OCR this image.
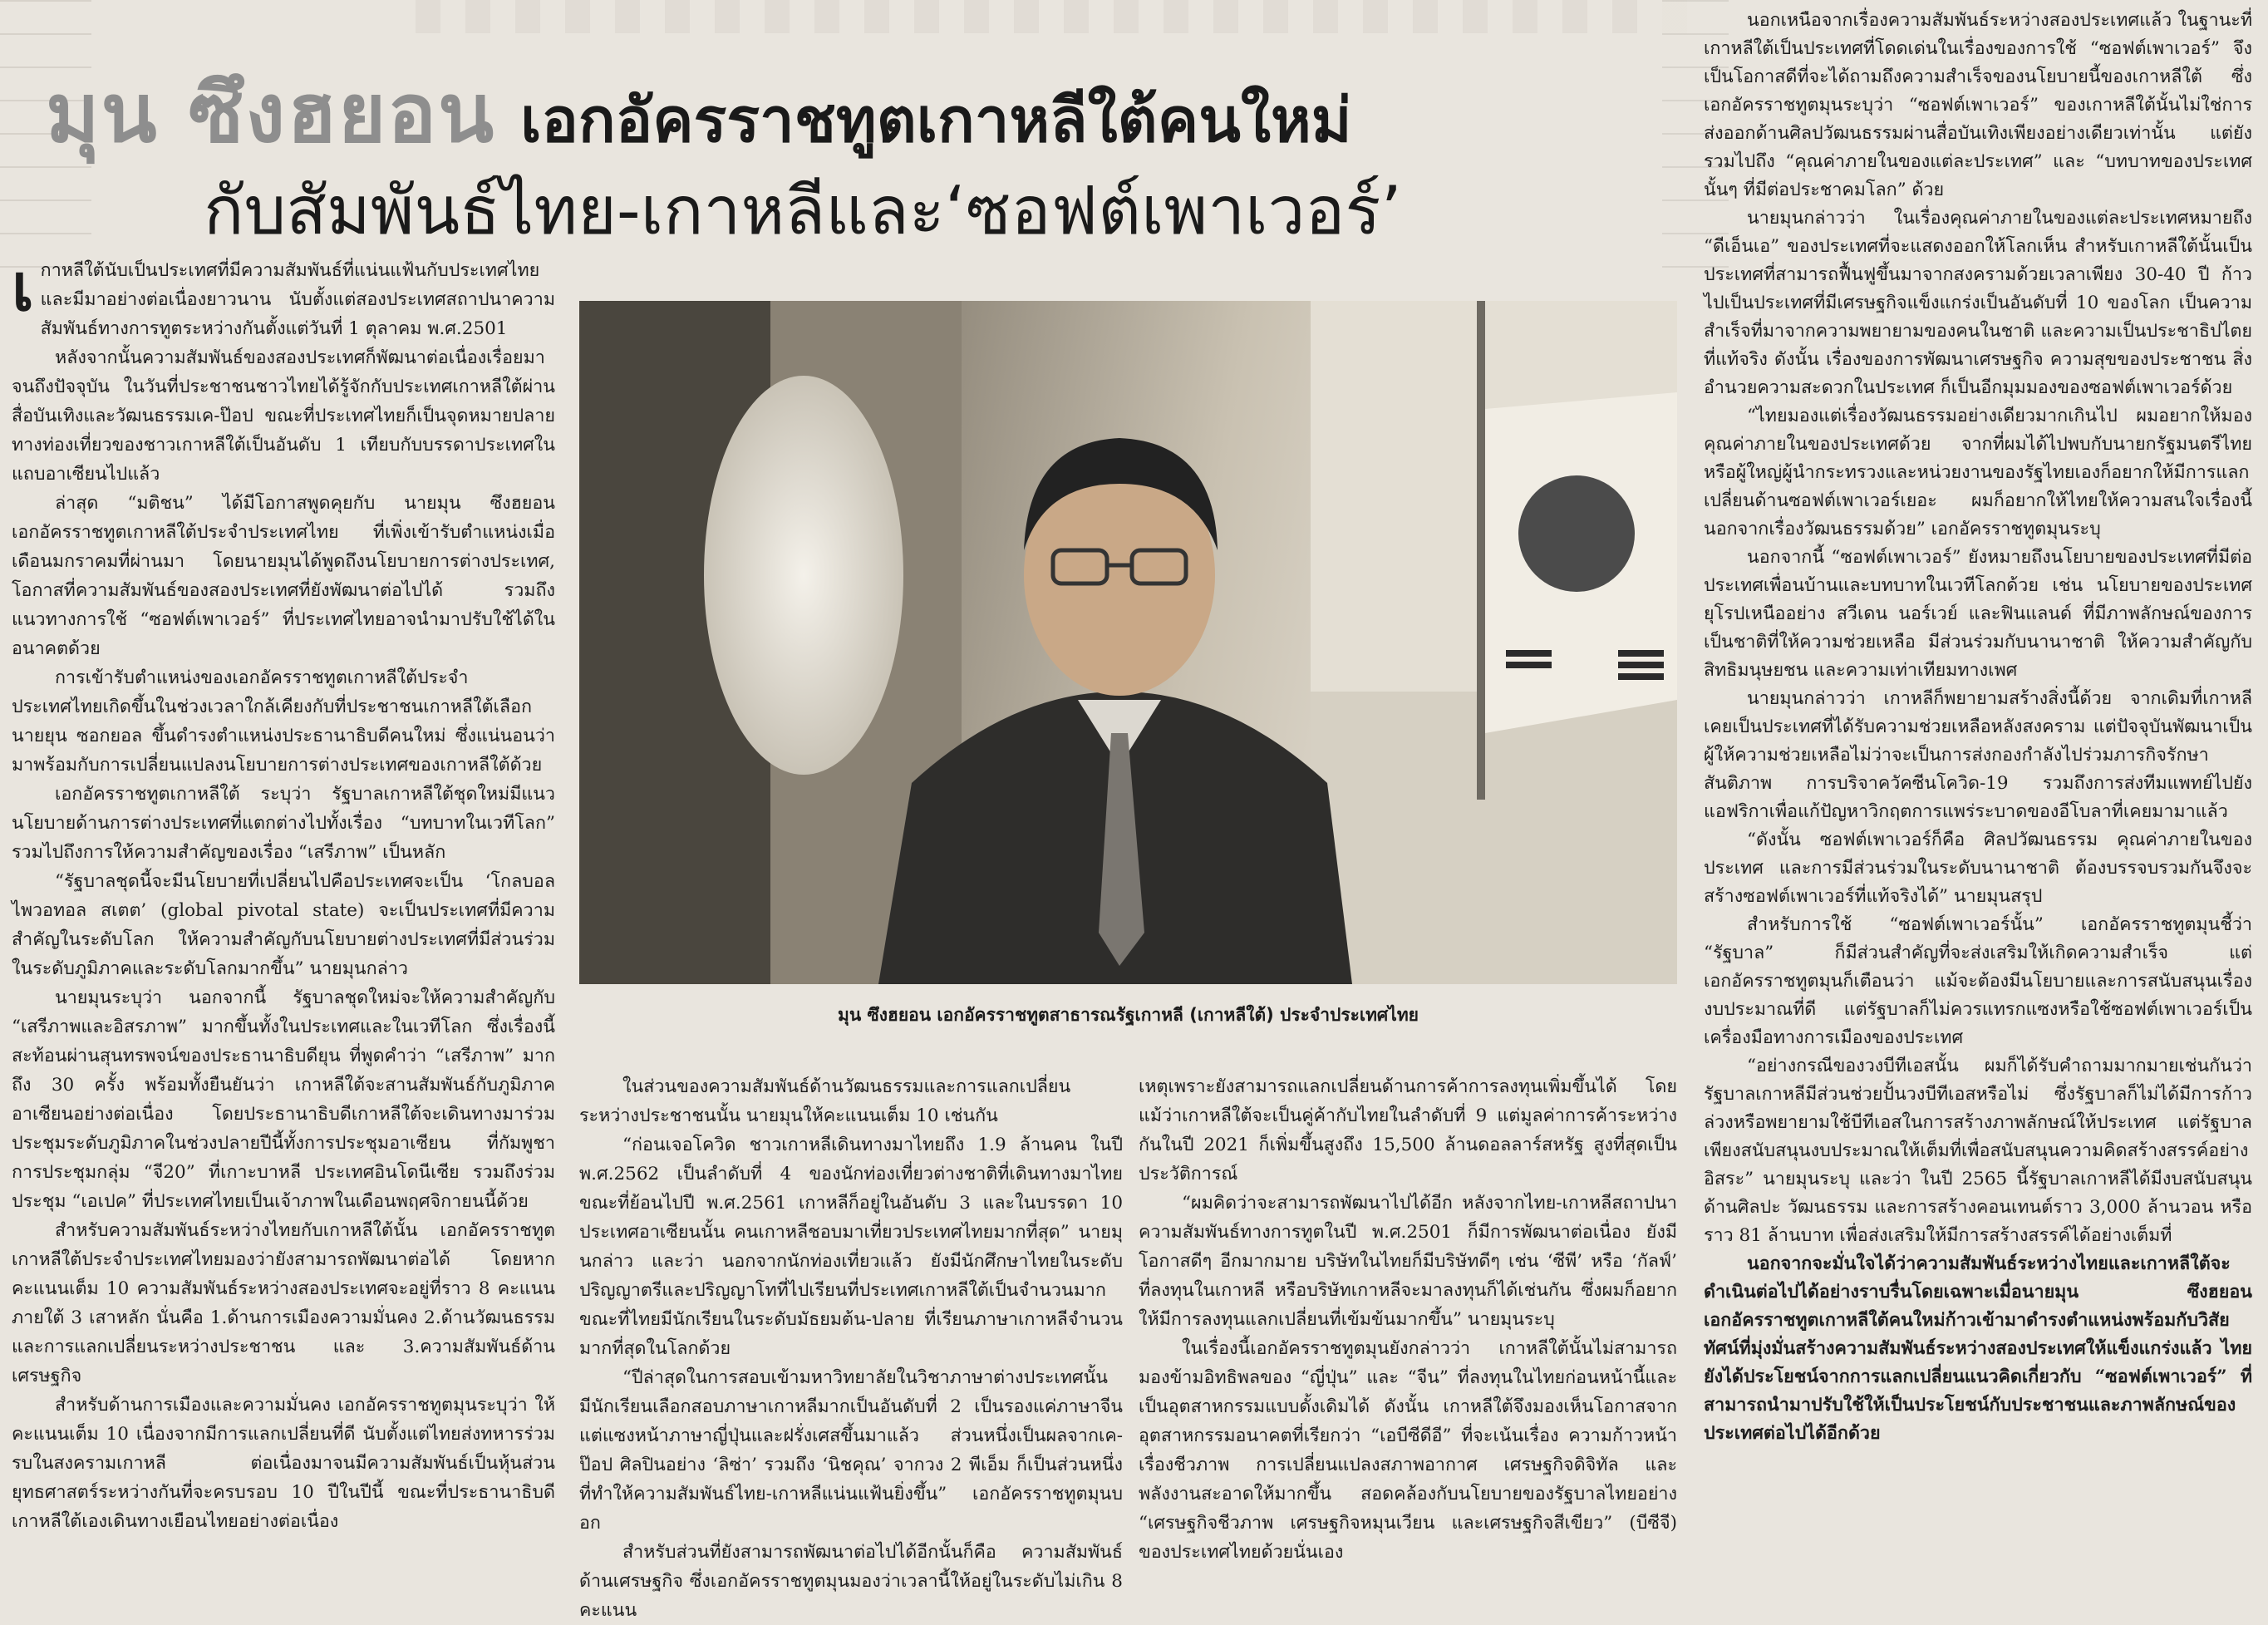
มุน ซึงฮยอน เอกอัครราชทูตเกาหลีใต้คนใหม่
กับสัมพันธ์ไทย-เกาหลีและ‘ซอฟต์เพาเวอร์’

เ กาหลีใต้นับเป็นประเทศที่มีความสัมพันธ์ที่แน่นแฟ้นกับประเทศไทยและมีมาอย่างต่อเนื่องยาวนาน นับตั้งแต่สองประเทศสถาปนาความสัมพันธ์ทางการทูตระหว่างกันตั้งแต่วันที่ 1 ตุลาคม พ.ศ.2501

หลังจากนั้นความสัมพันธ์ของสองประเทศก็พัฒนาต่อเนื่องเรื่อยมาจนถึงปัจจุบัน ในวันที่ประชาชนชาวไทยได้รู้จักกับประเทศเกาหลีใต้ผ่านสื่อบันเทิงและวัฒนธรรมเค-ป๊อป ขณะที่ประเทศไทยก็เป็นจุดหมายปลายทางท่องเที่ยวของชาวเกาหลีใต้เป็นอันดับ 1 เทียบกับบรรดาประเทศในแถบอาเซียนไปแล้ว

ล่าสุด “มติชน” ได้มีโอกาสพูดคุยกับ นายมุน ซึงฮยอน เอกอัครราชทูตเกาหลีใต้ประจำประเทศไทย ที่เพิ่งเข้ารับตำแหน่งเมื่อเดือนมกราคมที่ผ่านมา โดยนายมุนได้พูดถึงนโยบายการต่างประเทศ, โอกาสที่ความสัมพันธ์ของสองประเทศที่ยังพัฒนาต่อไปได้ รวมถึงแนวทางการใช้ “ซอฟต์เพาเวอร์” ที่ประเทศไทยอาจนำมาปรับใช้ได้ในอนาคตด้วย

การเข้ารับตำแหน่งของเอกอัครราชทูตเกาหลีใต้ประจำประเทศไทยเกิดขึ้นในช่วงเวลาใกล้เคียงกับที่ประชาชนเกาหลีใต้เลือก นายยุน ซอกยอล ขึ้นดำรงตำแหน่งประธานาธิบดีคนใหม่ ซึ่งแน่นอนว่ามาพร้อมกับการเปลี่ยนแปลงนโยบายการต่างประเทศของเกาหลีใต้ด้วย

เอกอัครราชทูตเกาหลีใต้ ระบุว่า รัฐบาลเกาหลีใต้ชุดใหม่มีแนวนโยบายด้านการต่างประเทศที่แตกต่างไปทั้งเรื่อง “บทบาทในเวทีโลก” รวมไปถึงการให้ความสำคัญของเรื่อง “เสรีภาพ” เป็นหลัก

“รัฐบาลชุดนี้จะมีนโยบายที่เปลี่ยนไปคือประเทศจะเป็น ‘โกลบอล ไพวอทอล สเตต’ (global pivotal state) จะเป็นประเทศที่มีความสำคัญในระดับโลก ให้ความสำคัญกับนโยบายต่างประเทศที่มีส่วนร่วมในระดับภูมิภาคและระดับโลกมากขึ้น” นายมุนกล่าว

นายมุนระบุว่า นอกจากนี้ รัฐบาลชุดใหม่จะให้ความสำคัญกับ “เสรีภาพและอิสรภาพ” มากขึ้นทั้งในประเทศและในเวทีโลก ซึ่งเรื่องนี้สะท้อนผ่านสุนทรพจน์ของประธานาธิบดียุน ที่พูดคำว่า “เสรีภาพ” มากถึง 30 ครั้ง พร้อมทั้งยืนยันว่า เกาหลีใต้จะสานสัมพันธ์กับภูมิภาคอาเซียนอย่างต่อเนื่อง โดยประธานาธิบดีเกาหลีใต้จะเดินทางมาร่วมประชุมระดับภูมิภาคในช่วงปลายปีนี้ทั้งการประชุมอาเซียน ที่กัมพูชา การประชุมกลุ่ม “จี20” ที่เกาะบาหลี ประเทศอินโดนีเซีย รวมถึงร่วมประชุม “เอเปค” ที่ประเทศไทยเป็นเจ้าภาพในเดือนพฤศจิกายนนี้ด้วย

สำหรับความสัมพันธ์ระหว่างไทยกับเกาหลีใต้นั้น เอกอัครราชทูตเกาหลีใต้ประจำประเทศไทยมองว่ายังสามารถพัฒนาต่อได้ โดยหากคะแนนเต็ม 10 ความสัมพันธ์ระหว่างสองประเทศจะอยู่ที่ราว 8 คะแนน ภายใต้ 3 เสาหลัก นั่นคือ 1.ด้านการเมืองความมั่นคง 2.ด้านวัฒนธรรมและการแลกเปลี่ยนระหว่างประชาชน และ 3.ความสัมพันธ์ด้านเศรษฐกิจ

สำหรับด้านการเมืองและความมั่นคง เอกอัครราชทูตมุนระบุว่า ให้คะแนนเต็ม 10 เนื่องจากมีการแลกเปลี่ยนที่ดี นับตั้งแต่ไทยส่งทหารร่วมรบในสงครามเกาหลี ต่อเนื่องมาจนมีความสัมพันธ์เป็นหุ้นส่วนยุทธศาสตร์ระหว่างกันที่จะครบรอบ 10 ปีในปีนี้ ขณะที่ประธานาธิบดีเกาหลีใต้เองเดินทางเยือนไทยอย่างต่อเนื่อง

มุน ซึงฮยอน เอกอัครราชทูตสาธารณรัฐเกาหลี (เกาหลีใต้) ประจำประเทศไทย

ในส่วนของความสัมพันธ์ด้านวัฒนธรรมและการแลกเปลี่ยนระหว่างประชาชนนั้น นายมุนให้คะแนนเต็ม 10 เช่นกัน

“ก่อนเจอโควิด ชาวเกาหลีเดินทางมาไทยถึง 1.9 ล้านคน ในปี พ.ศ.2562 เป็นลำดับที่ 4 ของนักท่องเที่ยวต่างชาติที่เดินทางมาไทย ขณะที่ย้อนไปปี พ.ศ.2561 เกาหลีก็อยู่ในอันดับ 3 และในบรรดา 10 ประเทศอาเซียนนั้น คนเกาหลีชอบมาเที่ยวประเทศไทยมากที่สุด” นายมุนกล่าว และว่า นอกจากนักท่องเที่ยวแล้ว ยังมีนักศึกษาไทยในระดับปริญญาตรีและปริญญาโทที่ไปเรียนที่ประเทศเกาหลีใต้เป็นจำนวนมาก ขณะที่ไทยมีนักเรียนในระดับมัธยมต้น-ปลาย ที่เรียนภาษาเกาหลีจำนวนมากที่สุดในโลกด้วย

“ปีล่าสุดในการสอบเข้ามหาวิทยาลัยในวิชาภาษาต่างประเทศนั้น มีนักเรียนเลือกสอบภาษาเกาหลีมากเป็นอันดับที่ 2 เป็นรองแค่ภาษาจีน แต่แซงหน้าภาษาญี่ปุ่นและฝรั่งเศสขึ้นมาแล้ว ส่วนหนึ่งเป็นผลจากเค-ป๊อป ศิลปินอย่าง ‘ลิซ่า’ รวมถึง ‘นิชคุณ’ จากวง 2 พีเอ็ม ก็เป็นส่วนหนึ่งที่ทำให้ความสัมพันธ์ไทย-เกาหลีแน่นแฟ้นยิ่งขึ้น” เอกอัครราชทูตมุนบอก

สำหรับส่วนที่ยังสามารถพัฒนาต่อไปได้อีกนั้นก็คือ ความสัมพันธ์ด้านเศรษฐกิจ ซึ่งเอกอัครราชทูตมุนมองว่าเวลานี้ให้อยู่ในระดับไม่เกิน 8 คะแนน

เหตุเพราะยังสามารถแลกเปลี่ยนด้านการค้าการลงทุนเพิ่มขึ้นได้ โดยแม้ว่าเกาหลีใต้จะเป็นคู่ค้ากับไทยในลำดับที่ 9 แต่มูลค่าการค้าระหว่างกันในปี 2021 ก็เพิ่มขึ้นสูงถึง 15,500 ล้านดอลลาร์สหรัฐ สูงที่สุดเป็นประวัติการณ์

“ผมคิดว่าจะสามารถพัฒนาไปได้อีก หลังจากไทย-เกาหลีสถาปนาความสัมพันธ์ทางการทูตในปี พ.ศ.2501 ก็มีการพัฒนาต่อเนื่อง ยังมีโอกาสดีๆ อีกมากมาย บริษัทในไทยก็มีบริษัทดีๆ เช่น ‘ซีพี’ หรือ ‘กัลฟ์’ ที่ลงทุนในเกาหลี หรือบริษัทเกาหลีจะมาลงทุนก็ได้เช่นกัน ซึ่งผมก็อยากให้มีการลงทุนแลกเปลี่ยนที่เข้มข้นมากขึ้น” นายมุนระบุ

ในเรื่องนี้เอกอัครราชทูตมุนยังกล่าวว่า เกาหลีใต้นั้นไม่สามารถมองข้ามอิทธิพลของ “ญี่ปุ่น” และ “จีน” ที่ลงทุนในไทยก่อนหน้านี้และเป็นอุตสาหกรรมแบบดั้งเดิมได้ ดังนั้น เกาหลีใต้จึงมองเห็นโอกาสจากอุตสาหกรรมอนาคตที่เรียกว่า “เอบีซีดีอี” ที่จะเน้นเรื่อง ความก้าวหน้าเรื่องชีวภาพ การเปลี่ยนแปลงสภาพอากาศ เศรษฐกิจดิจิทัล และพลังงานสะอาดให้มากขึ้น สอดคล้องกับนโยบายของรัฐบาลไทยอย่าง “เศรษฐกิจชีวภาพ เศรษฐกิจหมุนเวียน และเศรษฐกิจสีเขียว” (บีซีจี) ของประเทศไทยด้วยนั่นเอง

นอกเหนือจากเรื่องความสัมพันธ์ระหว่างสองประเทศแล้ว ในฐานะที่เกาหลีใต้เป็นประเทศที่โดดเด่นในเรื่องของการใช้ “ซอฟต์เพาเวอร์” จึงเป็นโอกาสดีที่จะได้ถามถึงความสำเร็จของนโยบายนี้ของเกาหลีใต้ ซึ่งเอกอัครราชทูตมุนระบุว่า “ซอฟต์เพาเวอร์” ของเกาหลีใต้นั้นไม่ใช่การส่งออกด้านศิลปวัฒนธรรมผ่านสื่อบันเทิงเพียงอย่างเดียวเท่านั้น แต่ยังรวมไปถึง “คุณค่าภายในของแต่ละประเทศ” และ “บทบาทของประเทศนั้นๆ ที่มีต่อประชาคมโลก” ด้วย

นายมุนกล่าวว่า ในเรื่องคุณค่าภายในของแต่ละประเทศหมายถึง “ดีเอ็นเอ” ของประเทศที่จะแสดงออกให้โลกเห็น สำหรับเกาหลีใต้นั้นเป็นประเทศที่สามารถฟื้นฟูขึ้นมาจากสงครามด้วยเวลาเพียง 30-40 ปี ก้าวไปเป็นประเทศที่มีเศรษฐกิจแข็งแกร่งเป็นอันดับที่ 10 ของโลก เป็นความสำเร็จที่มาจากความพยายามของคนในชาติ และความเป็นประชาธิปไตยที่แท้จริง ดังนั้น เรื่องของการพัฒนาเศรษฐกิจ ความสุขของประชาชน สิ่งอำนวยความสะดวกในประเทศ ก็เป็นอีกมุมมองของซอฟต์เพาเวอร์ด้วย

“ไทยมองแต่เรื่องวัฒนธรรมอย่างเดียวมากเกินไป ผมอยากให้มองคุณค่าภายในของประเทศด้วย จากที่ผมได้ไปพบกับนายกรัฐมนตรีไทย หรือผู้ใหญ่ผู้นำกระทรวงและหน่วยงานของรัฐไทยเองก็อยากให้มีการแลกเปลี่ยนด้านซอฟต์เพาเวอร์เยอะ ผมก็อยากให้ไทยให้ความสนใจเรื่องนี้ นอกจากเรื่องวัฒนธรรมด้วย” เอกอัครราชทูตมุนระบุ

นอกจากนี้ “ซอฟต์เพาเวอร์” ยังหมายถึงนโยบายของประเทศที่มีต่อประเทศเพื่อนบ้านและบทบาทในเวทีโลกด้วย เช่น นโยบายของประเทศยุโรปเหนืออย่าง สวีเดน นอร์เวย์ และฟินแลนด์ ที่มีภาพลักษณ์ของการเป็นชาติที่ให้ความช่วยเหลือ มีส่วนร่วมกับนานาชาติ ให้ความสำคัญกับสิทธิมนุษยชน และความเท่าเทียมทางเพศ

นายมุนกล่าวว่า เกาหลีก็พยายามสร้างสิ่งนี้ด้วย จากเดิมที่เกาหลีเคยเป็นประเทศที่ได้รับความช่วยเหลือหลังสงคราม แต่ปัจจุบันพัฒนาเป็นผู้ให้ความช่วยเหลือไม่ว่าจะเป็นการส่งกองกำลังไปร่วมภารกิจรักษาสันติภาพ การบริจาควัคซีนโควิด-19 รวมถึงการส่งทีมแพทย์ไปยังแอฟริกาเพื่อแก้ปัญหาวิกฤตการแพร่ระบาดของอีโบลาที่เคยมามาแล้ว

“ดังนั้น ซอฟต์เพาเวอร์ก็คือ ศิลปวัฒนธรรม คุณค่าภายในของประเทศ และการมีส่วนร่วมในระดับนานาชาติ ต้องบรรจบรวมกันจึงจะสร้างซอฟต์เพาเวอร์ที่แท้จริงได้” นายมุนสรุป

สำหรับการใช้ “ซอฟต์เพาเวอร์นั้น” เอกอัครราชทูตมุนชี้ว่า “รัฐบาล” ก็มีส่วนสำคัญที่จะส่งเสริมให้เกิดความสำเร็จ แต่เอกอัครราชทูตมุนก็เตือนว่า แม้จะต้องมีนโยบายและการสนับสนุนเรื่องงบประมาณที่ดี แต่รัฐบาลก็ไม่ควรแทรกแซงหรือใช้ซอฟต์เพาเวอร์เป็นเครื่องมือทางการเมืองของประเทศ

“อย่างกรณีของวงบีทีเอสนั้น ผมก็ได้รับคำถามมากมายเช่นกันว่ารัฐบาลเกาหลีมีส่วนช่วยปั้นวงบีทีเอสหรือไม่ ซึ่งรัฐบาลก็ไม่ได้มีการก้าวล่วงหรือพยายามใช้บีทีเอสในการสร้างภาพลักษณ์ให้ประเทศ แต่รัฐบาลเพียงสนับสนุนงบประมาณให้เต็มที่เพื่อสนับสนุนความคิดสร้างสรรค์อย่างอิสระ” นายมุนระบุ และว่า ในปี 2565 นี้รัฐบาลเกาหลีได้มีงบสนับสนุนด้านศิลปะ วัฒนธรรม และการสร้างคอนเทนต์ราว 3,000 ล้านวอน หรือราว 81 ล้านบาท เพื่อส่งเสริมให้มีการสร้างสรรค์ได้อย่างเต็มที่

นอกจากจะมั่นใจได้ว่าความสัมพันธ์ระหว่างไทยและเกาหลีใต้จะดำเนินต่อไปได้อย่างราบรื่นโดยเฉพาะเมื่อนายมุน ซึงฮยอน เอกอัครราชทูตเกาหลีใต้คนใหม่ก้าวเข้ามาดำรงตำแหน่งพร้อมกับวิสัยทัศน์ที่มุ่งมั่นสร้างความสัมพันธ์ระหว่างสองประเทศให้แข็งแกร่งแล้ว ไทยยังได้ประโยชน์จากการแลกเปลี่ยนแนวคิดเกี่ยวกับ “ซอฟต์เพาเวอร์” ที่สามารถนำมาปรับใช้ให้เป็นประโยชน์กับประชาชนและภาพลักษณ์ของประเทศต่อไปได้อีกด้วย
